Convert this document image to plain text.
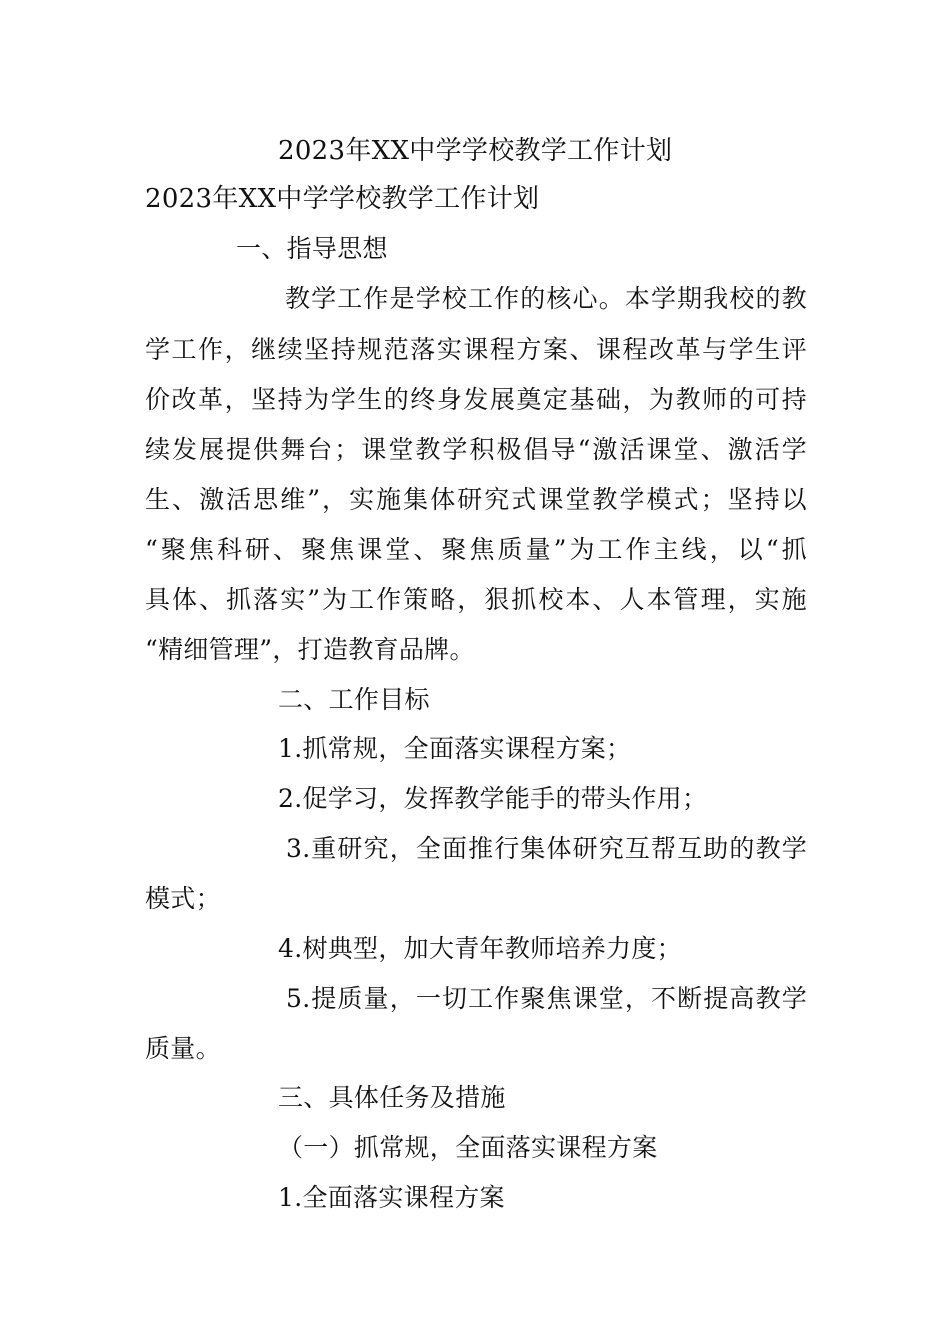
2023年XX中学学校教学工作计划
2023年XX中学学校教学工作计划
一、指导思想
教学工作是学校工作的核心。本学期我校的教
学工作，继续坚持规范落实课程方案、课程改革与学生评
价改革，坚持为学生的终身发展奠定基础，为教师的可持
续发展提供舞台；课堂教学积极倡导“激活课堂、激活学
生、激活思维”，实施集体研究式课堂教学模式；坚持以
“聚焦科研、聚焦课堂、聚焦质量”为工作主线，以“抓
具体、抓落实”为工作策略，狠抓校本、人本管理，实施
“精细管理”，打造教育品牌。
二、工作目标
1.抓常规，全面落实课程方案；
2.促学习，发挥教学能手的带头作用；
3.重研究，全面推行集体研究互帮互助的教学
模式；
4.树典型，加大青年教师培养力度；
5.提质量，一切工作聚焦课堂，不断提高教学
质量。
三、具体任务及措施
（一）抓常规，全面落实课程方案
1.全面落实课程方案
